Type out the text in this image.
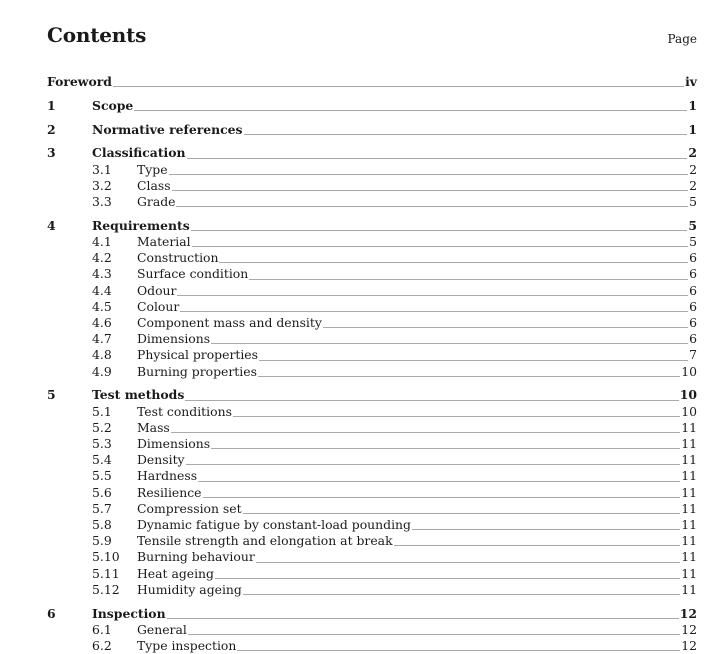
Contents	Page
Foreword	iv
1	Scope	1
2	Normative references	1
3	Classification	2
3.1	Type	2
3.2	Class	2
3.3	Grade	5
4	Requirements	5
4.1	Material	5
4.2	Construction	6
4.3	Surface condition	6
4.4	Odour	6
4.5	Colour	6
4.6	Component mass and density	6
4.7	Dimensions	6
4.8	Physical properties	7
4.9	Burning properties	10
5	Test methods	10
5.1	Test conditions	10
5.2	Mass	11
5.3	Dimensions	11
5.4	Density	11
5.5	Hardness	11
5.6	Resilience	11
5.7	Compression set	11
5.8	Dynamic fatigue by constant-load pounding	11
5.9	Tensile strength and elongation at break	11
5.10	Burning behaviour	11
5.11	Heat ageing	11
5.12	Humidity ageing	11
6	Inspection	12
6.1	General	12
6.2	Type inspection	12
